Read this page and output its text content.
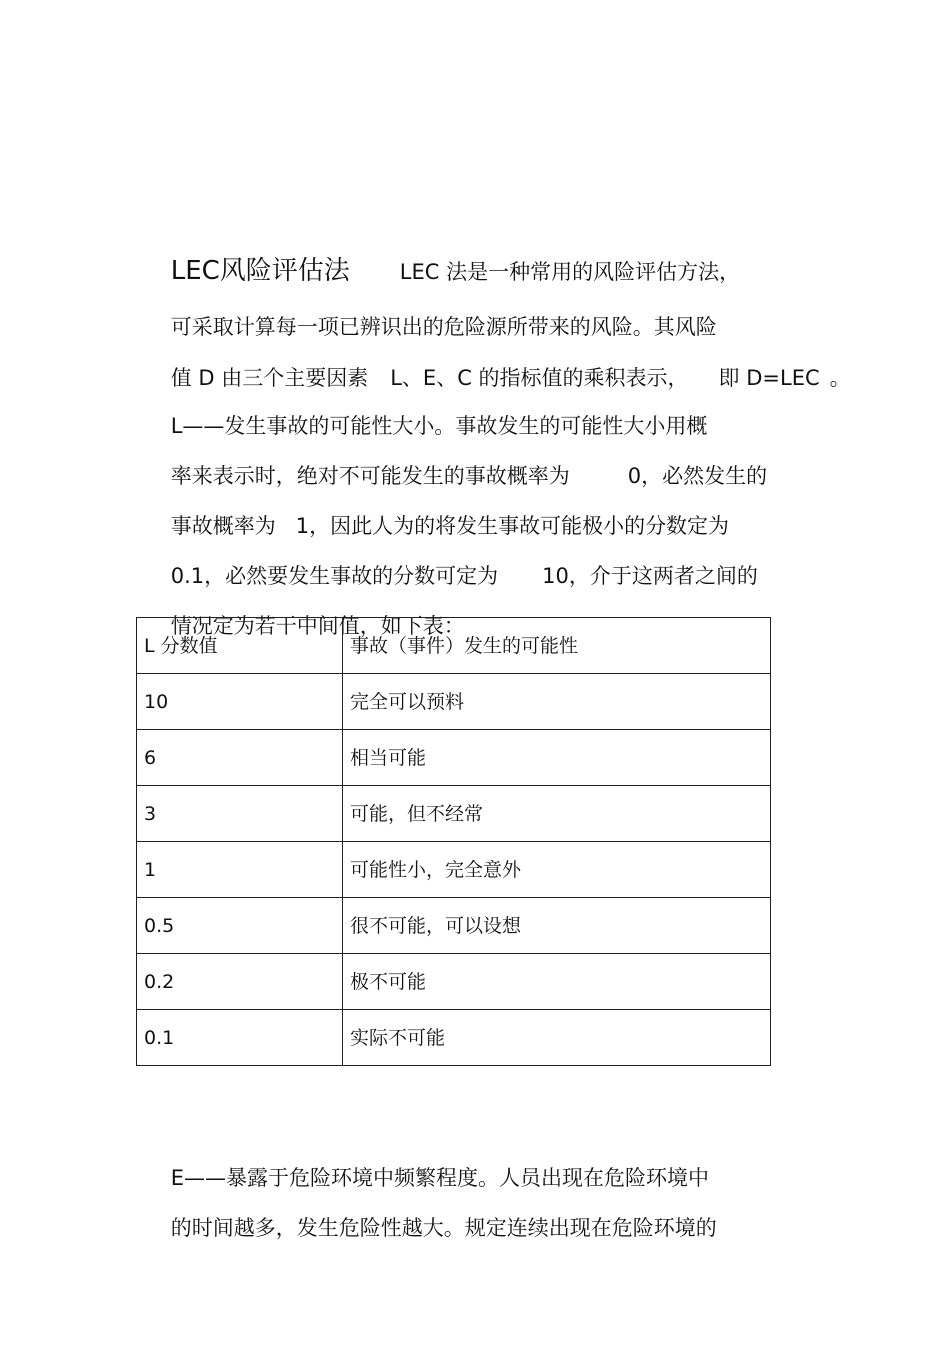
LEC风险评估法 LEC 法是一种常用的风险评估方法，

可采取计算每一项已辨识出的危险源所带来的风险。其风险

值 D 由三个主要因素 L、E、C 的指标值的乘积表示， 即 D=LEC 。

L——发生事故的可能性大小。事故发生的可能性大小用概

率来表示时，绝对不可能发生的事故概率为	0，必然发生的

事故概率为 1，因此人为的将发生事故可能极小的分数定为

0.1，必然要发生事故的分数可定为 10，介于这两者之间的

情况定为若干中间值，如下表：

L 分数值	事故（事件）发生的可能性
10	完全可以预料
6	相当可能
3	可能，但不经常
1	可能性小，完全意外
0.5	很不可能，可以设想
0.2	极不可能
0.1	实际不可能

E——暴露于危险环境中频繁程度。人员出现在危险环境中

的时间越多，发生危险性越大。规定连续出现在危险环境的
